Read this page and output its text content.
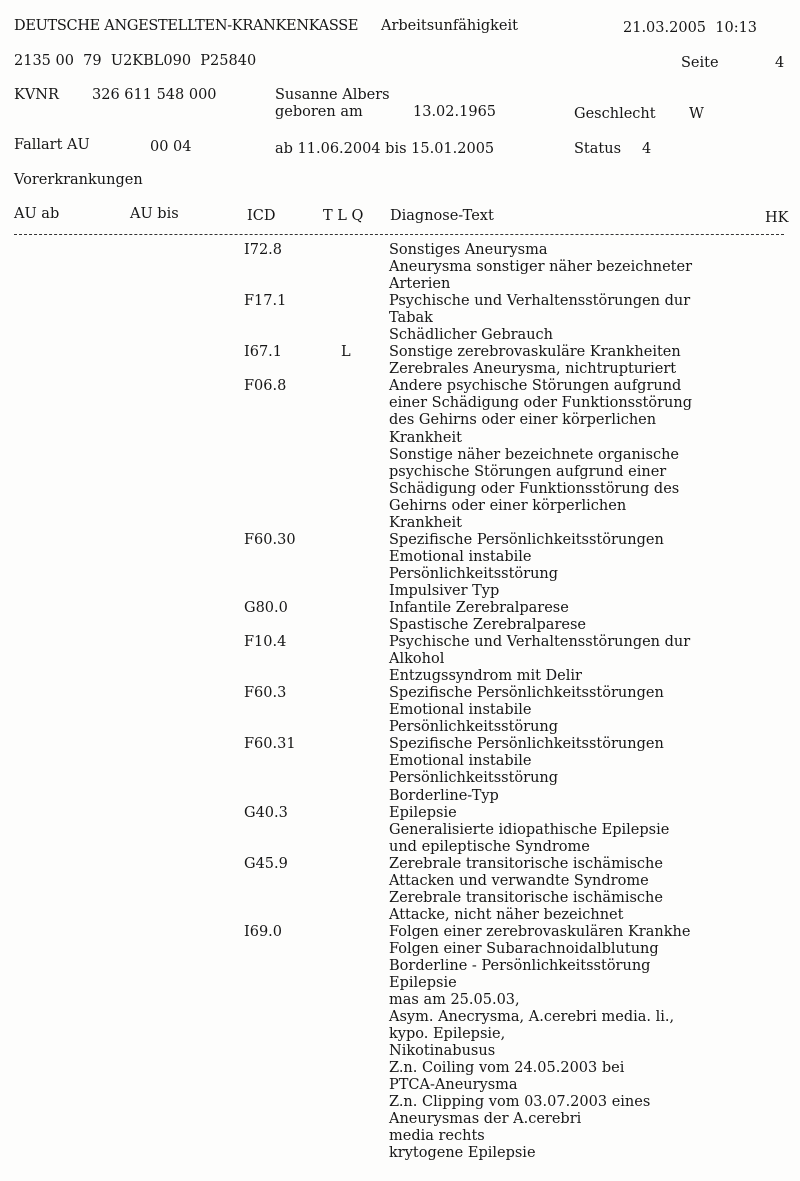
DEUTSCHE ANGESTELLTEN-KRANKENKASSE Arbeitsunfähigkeit	21.03.2005  10:13
2135 00  79  U2KBL090  P25840	Seite	4
KVNR 326 611 548 000	Susanne Albers
geboren am	13.02.1965	Geschlecht W
Fallart AU	00 04	ab 11.06.2004 bis 15.01.2005	Status 4
Vorerkrankungen
AU ab	AU bis	ICD	T L Q Diagnose-Text	HK
I72.8	Sonstiges Aneurysma
Aneurysma sonstiger näher bezeichneter
Arterien
F17.1	Psychische und Verhaltensstörungen dur
Tabak
Schädlicher Gebrauch
I67.1	L	Sonstige zerebrovaskuläre Krankheiten
Zerebrales Aneurysma, nichtrupturiert
F06.8	Andere psychische Störungen aufgrund
einer Schädigung oder Funktionsstörung
des Gehirns oder einer körperlichen
Krankheit
Sonstige näher bezeichnete organische
psychische Störungen aufgrund einer
Schädigung oder Funktionsstörung des
Gehirns oder einer körperlichen
Krankheit
F60.30	Spezifische Persönlichkeitsstörungen
Emotional instabile
Persönlichkeitsstörung
Impulsiver Typ
G80.0	Infantile Zerebralparese
Spastische Zerebralparese
F10.4	Psychische und Verhaltensstörungen dur
Alkohol
Entzugssyndrom mit Delir
F60.3	Spezifische Persönlichkeitsstörungen
Emotional instabile
Persönlichkeitsstörung
F60.31	Spezifische Persönlichkeitsstörungen
Emotional instabile
Persönlichkeitsstörung
Borderline-Typ
G40.3	Epilepsie
Generalisierte idiopathische Epilepsie
und epileptische Syndrome
G45.9	Zerebrale transitorische ischämische
Attacken und verwandte Syndrome
Zerebrale transitorische ischämische
Attacke, nicht näher bezeichnet
I69.0	Folgen einer zerebrovaskulären Krankhe
Folgen einer Subarachnoidalblutung
Borderline - Persönlichkeitsstörung
Epilepsie
mas am 25.05.03,
Asym. Anecrysma, A.cerebri media. li.,
kypo. Epilepsie,
Nikotinabusus
Z.n. Coiling vom 24.05.2003 bei
PTCA-Aneurysma
Z.n. Clipping vom 03.07.2003 eines
Aneurysmas der A.cerebri
media rechts
krytogene Epilepsie
